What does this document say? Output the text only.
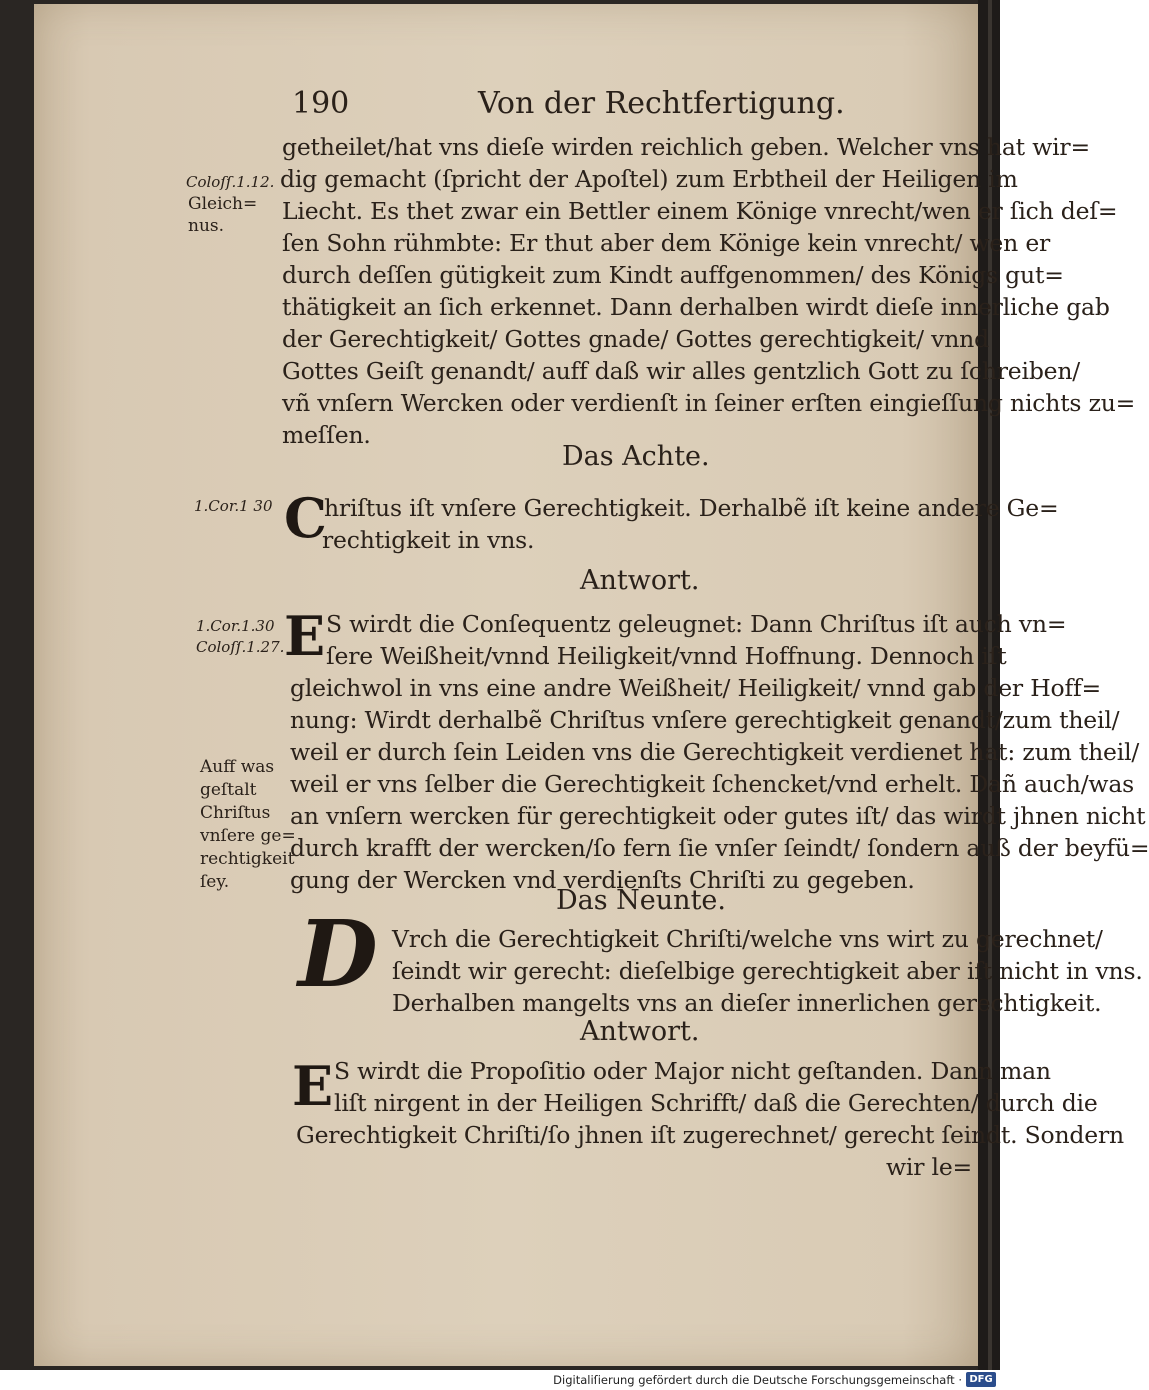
190	Von der Rechtfertigung.
Coloſſ.1.12.
Gleich=
nus.
1.Cor.1 30
1.Cor.1.30
Coloſſ.1.27.
Auff was
geſtalt
Chriſtus
vnſere ge=
rechtigkeit
ſey.
getheilet/hat vns dieſe wirden reichlich geben. Welcher vns hat wir=
dig gemacht (ſpricht der Apoſtel) zum Erbtheil der Heiligen im
Liecht. Es thet zwar ein Bettler einem Könige vnrecht/wen er ſich deſ=
ſen Sohn rühmbte: Er thut aber dem Könige kein vnrecht/ wen er
durch deſſen gütigkeit zum Kindt auffgenommen/ des Königs gut=
thätigkeit an ſich erkennet. Dann derhalben wirdt dieſe innerliche gab
der Gerechtigkeit/ Gottes gnade/ Gottes gerechtigkeit/ vnnd
Gottes Geiſt genandt/ auff daß wir alles gentzlich Gott zu ſchreiben/
vñ vnſern Wercken oder verdienſt in ſeiner erſten eingieſſung nichts zu=
meſſen.
Das Achte.
C
hriſtus iſt vnſere Gerechtigkeit. Derhalbẽ iſt keine andere Ge=
rechtigkeit in vns.
Antwort.
E S wirdt die Conſequentz geleugnet: Dann Chriſtus iſt auch vn=
ſere Weißheit/vnnd Heiligkeit/vnnd Hoffnung. Dennoch iſt
gleichwol in vns eine andre Weißheit/ Heiligkeit/ vnnd gab der Hoff=
nung: Wirdt derhalbẽ Chriſtus vnſere gerechtigkeit genandt/zum theil/
weil er durch ſein Leiden vns die Gerechtigkeit verdienet hat: zum theil/
weil er vns ſelber die Gerechtigkeit ſchencket/vnd erhelt. Dañ auch/was
an vnſern wercken für gerechtigkeit oder gutes iſt/ das wirdt jhnen nicht
durch krafft der wercken/ſo fern ſie vnſer ſeindt/ ſondern auß der beyfü=
gung der Wercken vnd verdienſts Chriſti zu gegeben.
Das Neunte.
D Vrch die Gerechtigkeit Chriſti/welche vns wirt zu gerechnet/
ſeindt wir gerecht: dieſelbige gerechtigkeit aber iſt nicht in vns.
Derhalben mangelts vns an dieſer innerlichen gerechtigkeit.
Antwort.
E S wirdt die Propoſitio oder Major nicht geſtanden. Dann man
liſt nirgent in der Heiligen Schrifft/ daß die Gerechten/ durch die
Gerechtigkeit Chriſti/ſo jhnen iſt zugerechnet/ gerecht ſeindt. Sondern
wir le=
Digitaliſierung gefördert durch die Deutsche Forschungsgemeinschaft · DFG
